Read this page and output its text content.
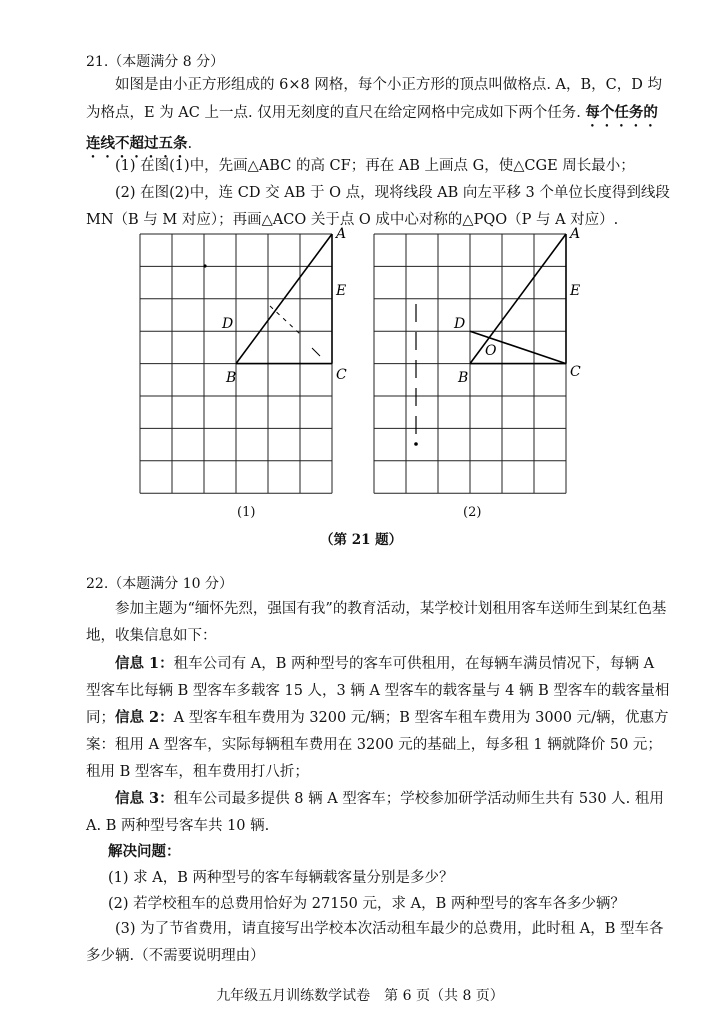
21.（本题满分 8 分）

如图是由小正方形组成的 6×8 网格，每个小正方形的顶点叫做格点. A，B，C，D 均为格点，E 为 AC 上一点. 仅用无刻度的直尺在给定网格中完成如下两个任务. 每个任务的连线不超过五条.

(1) 在图(1)中，先画△ABC 的高 CF；再在 AB 上画点 G，使△CGE 周长最小；

(2) 在图(2)中，连 CD 交 AB 于 O 点，现将线段 AB 向左平移 3 个单位长度得到线段 MN（B 与 M 对应）；再画△ACO 关于点 O 成中心对称的△PQO（P 与 A 对应）.

A
E
D
B	C
A
E
D
O
B	C
(1)	(2)
（第 21 题）
22.（本题满分 10 分）

参加主题为“缅怀先烈，强国有我”的教育活动，某学校计划租用客车送师生到某红色基地，收集信息如下：

信息 1：租车公司有 A，B 两种型号的客车可供租用，在每辆车满员情况下，每辆 A 型客车比每辆 B 型客车多载客 15 人，3 辆 A 型客车的载客量与 4 辆 B 型客车的载客量相同； 信息 2：A 型客车租车费用为 3200 元/辆；B 型客车租车费用为 3000 元/辆，优惠方案：租用 A 型客车，实际每辆租车费用在 3200 元的基础上，每多租 1 辆就降价 50 元；租用 B 型客车，租车费用打八折；

信息 3：租车公司最多提供 8 辆 A 型客车；学校参加研学活动师生共有 530 人. 租用 A. B 两种型号客车共 10 辆.

解决问题：
(1) 求 A，B 两种型号的客车每辆载客量分别是多少？
(2) 若学校租车的总费用恰好为 27150 元，求 A，B 两种型号的客车各多少辆？

(3) 为了节省费用，请直接写出学校本次活动租车最少的总费用，此时租 A，B 型车各多少辆.（不需要说明理由）

九年级五月训练数学试卷　第 6 页（共 8 页）
